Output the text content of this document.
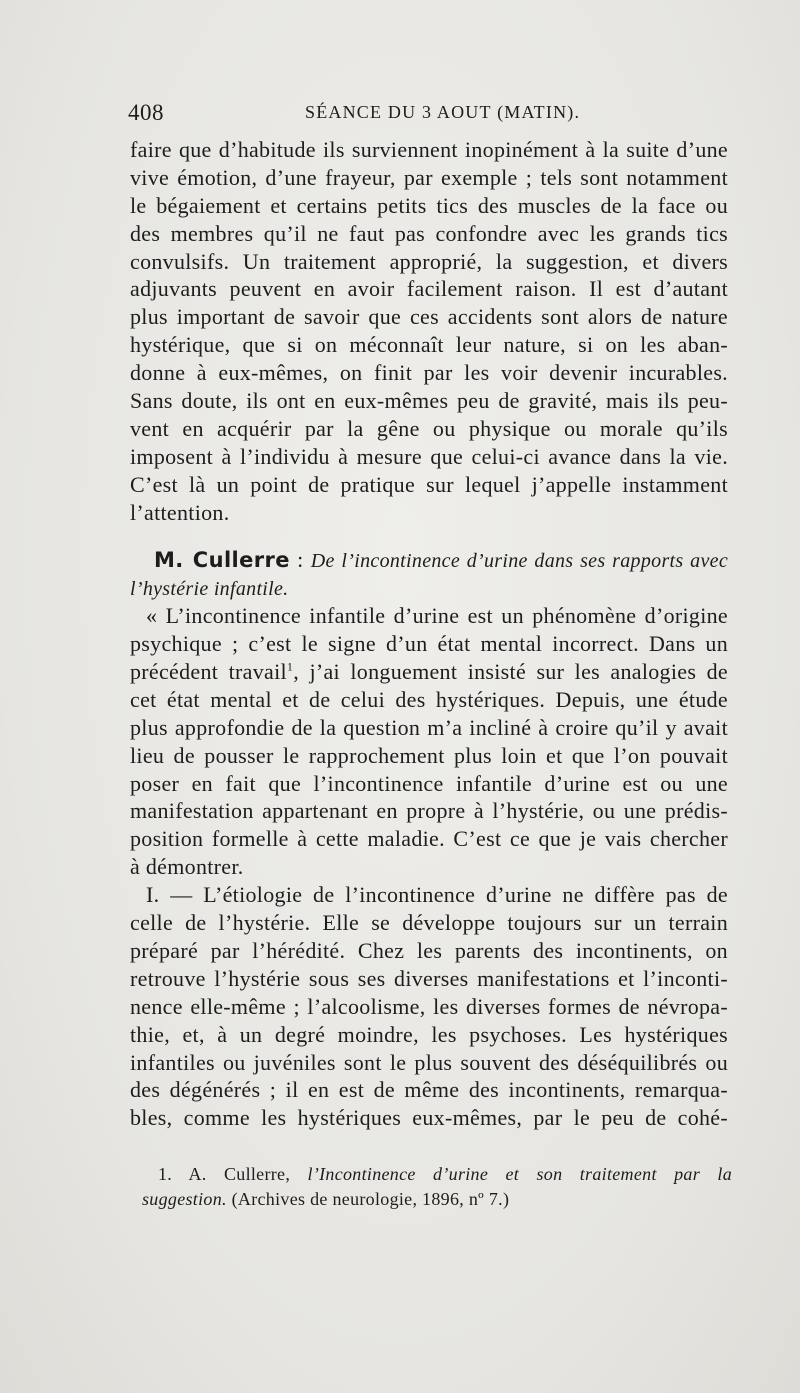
408	SÉANCE DU 3 AOUT (MATIN).
faire que d’habitude ils surviennent inopinément à la suite d’une
vive émotion, d’une frayeur, par exemple ; tels sont notamment
le bégaiement et certains petits tics des muscles de la face ou
des membres qu’il ne faut pas confondre avec les grands tics
convulsifs. Un traitement approprié, la suggestion, et divers
adjuvants peuvent en avoir facilement raison. Il est d’autant
plus important de savoir que ces accidents sont alors de nature
hystérique, que si on méconnaît leur nature, si on les aban-
donne à eux-mêmes, on finit par les voir devenir incurables.
Sans doute, ils ont en eux-mêmes peu de gravité, mais ils peu-
vent en acquérir par la gêne ou physique ou morale qu’ils
imposent à l’individu à mesure que celui-ci avance dans la vie.
C’est là un point de pratique sur lequel j’appelle instamment
l’attention.
M. Cullerre : De l’incontinence d’urine dans ses rapports avec
l’hystérie infantile.
« L’incontinence infantile d’urine est un phénomène d’origine
psychique ; c’est le signe d’un état mental incorrect. Dans un
précédent travail$^1$, j’ai longuement insisté sur les analogies de
cet état mental et de celui des hystériques. Depuis, une étude
plus approfondie de la question m’a incliné à croire qu’il y avait
lieu de pousser le rapprochement plus loin et que l’on pouvait
poser en fait que l’incontinence infantile d’urine est ou une
manifestation appartenant en propre à l’hystérie, ou une prédis-
position formelle à cette maladie. C’est ce que je vais chercher
à démontrer.
I. — L’étiologie de l’incontinence d’urine ne diffère pas de
celle de l’hystérie. Elle se développe toujours sur un terrain
préparé par l’hérédité. Chez les parents des incontinents, on
retrouve l’hystérie sous ses diverses manifestations et l’inconti-
nence elle-même ; l’alcoolisme, les diverses formes de névropa-
thie, et, à un degré moindre, les psychoses. Les hystériques
infantiles ou juvéniles sont le plus souvent des déséquilibrés ou
des dégénérés ; il en est de même des incontinents, remarqua-
bles, comme les hystériques eux-mêmes, par le peu de cohé-
1. A. Cullerre, l’Incontinence d’urine et son traitement par la
suggestion. (Archives de neurologie, 1896, nº 7.)
